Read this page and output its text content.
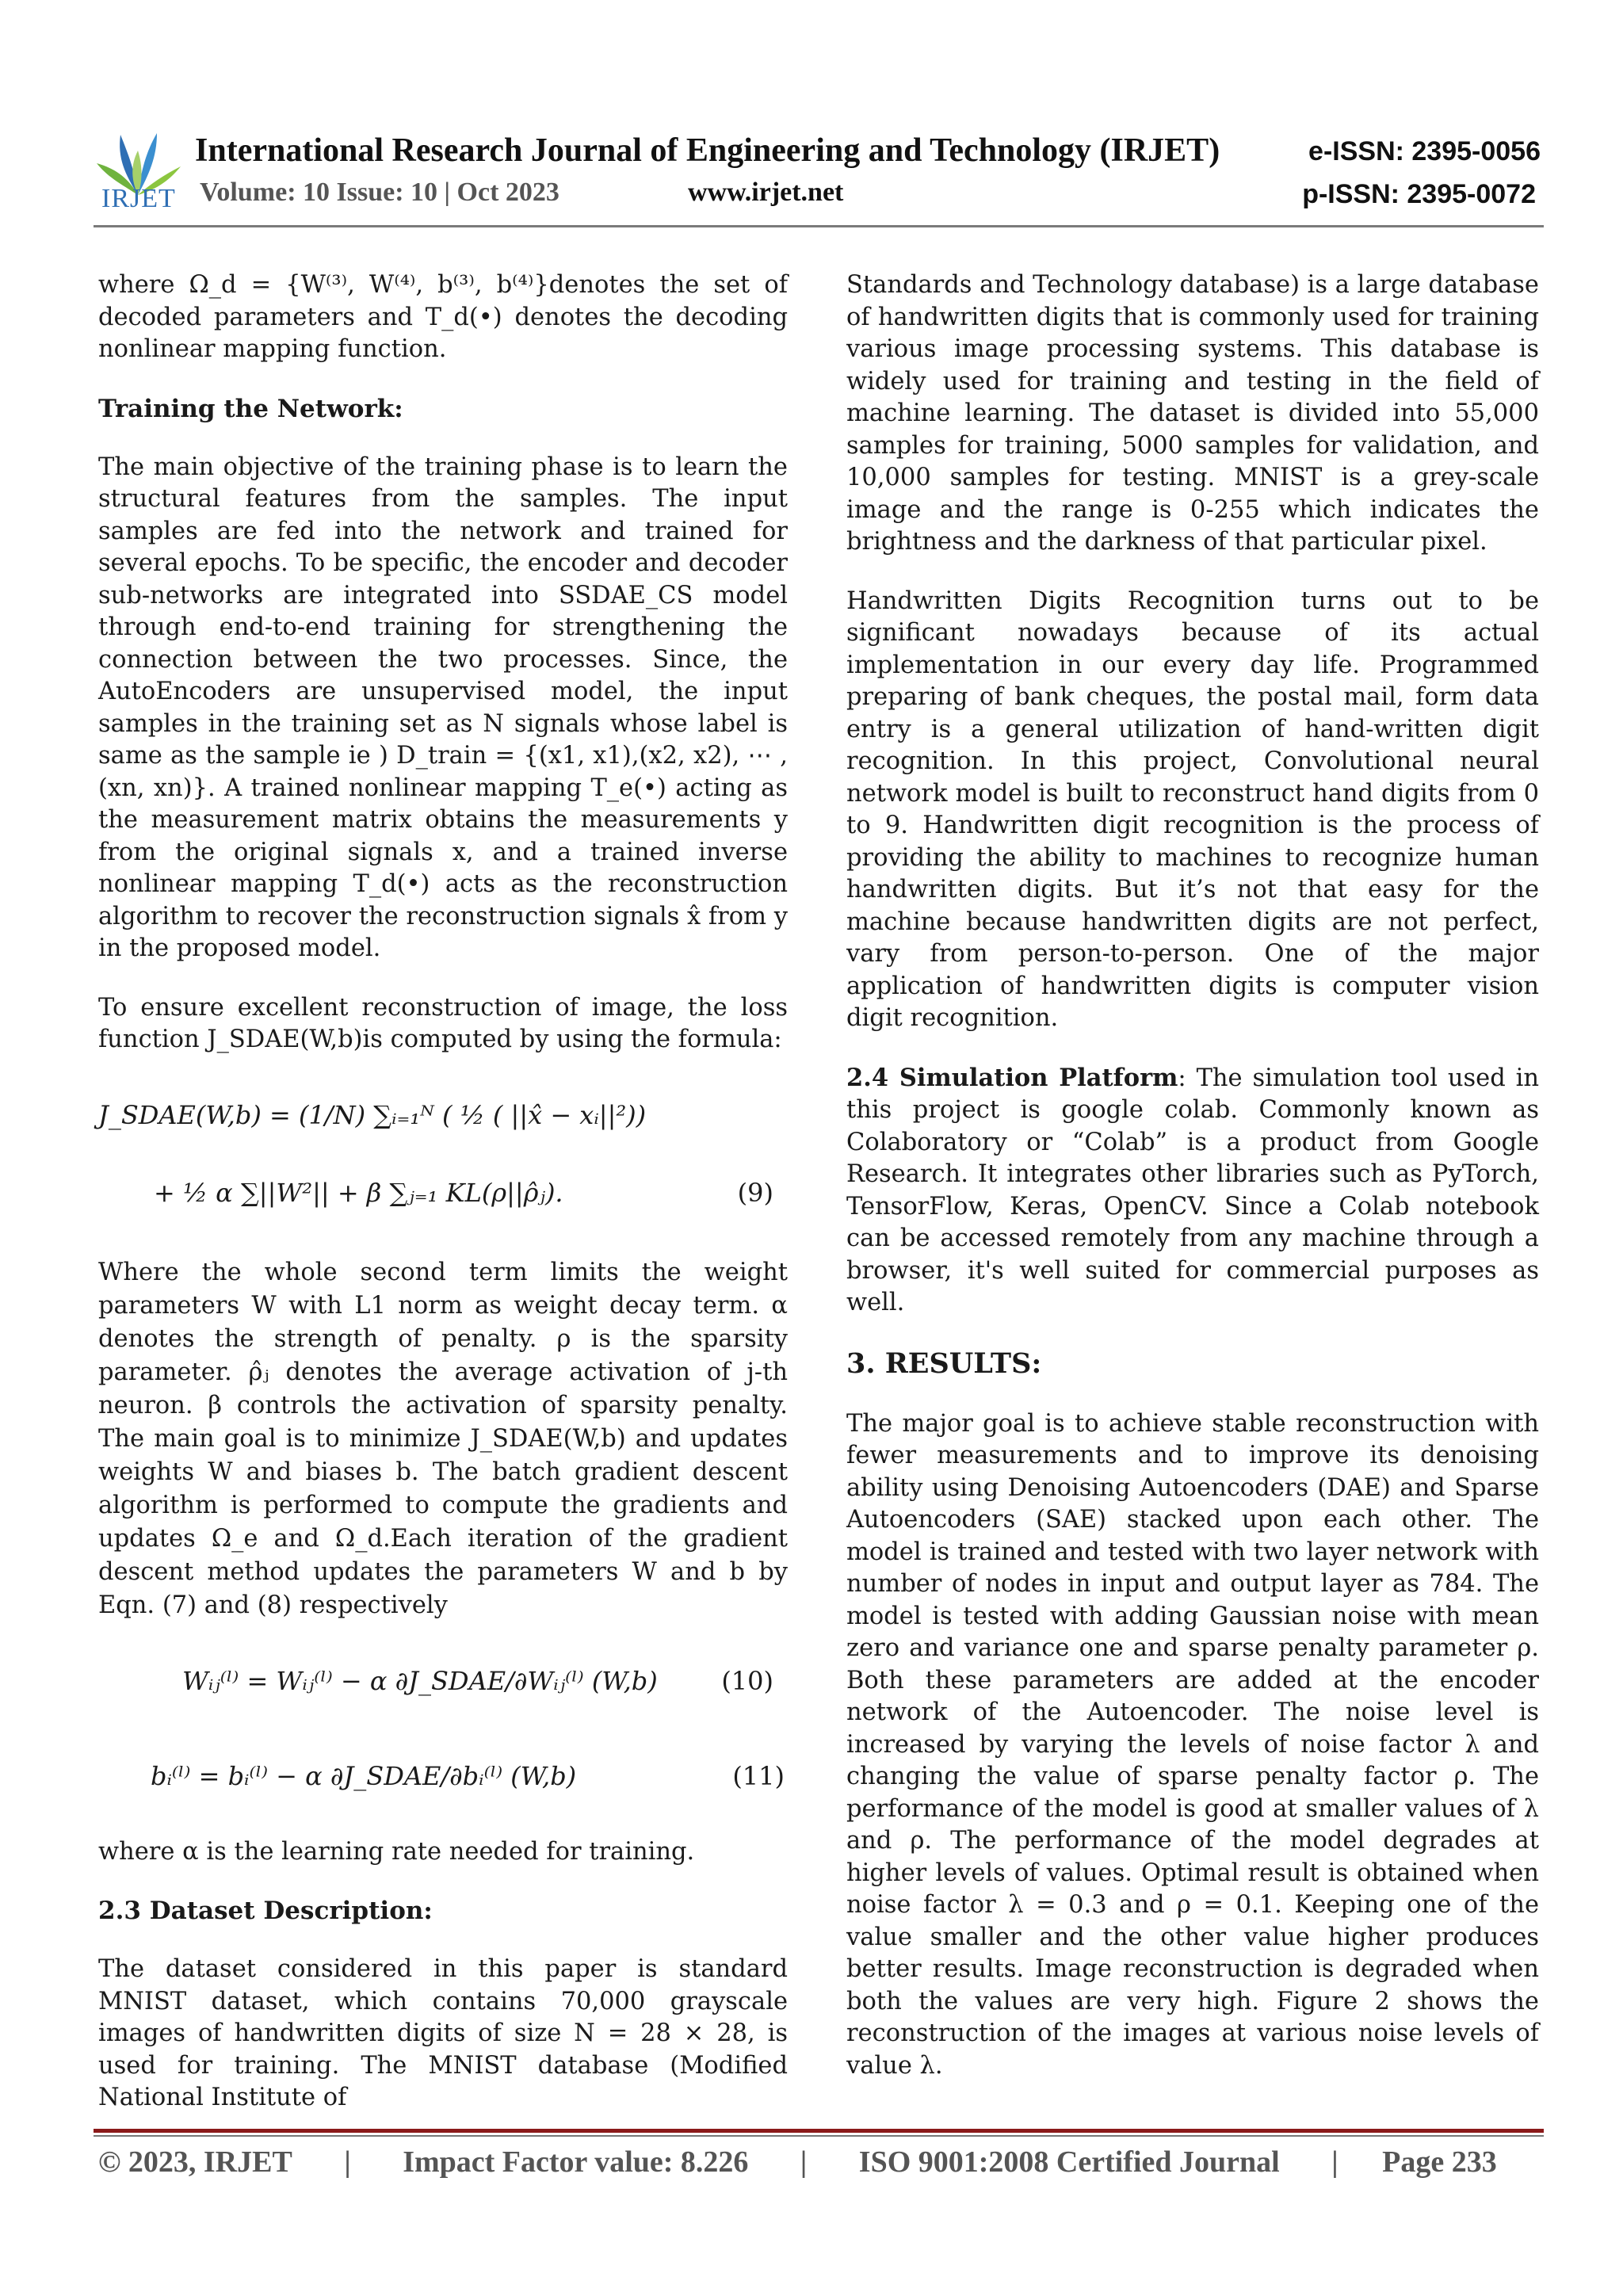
IRJET
International Research Journal of Engineering and Technology (IRJET)
Volume: 10 Issue: 10 | Oct 2023	www.irjet.net
e-ISSN: 2395-0056
p-ISSN: 2395-0072

where Ω_d = {W⁽³⁾, W⁽⁴⁾, b⁽³⁾, b⁽⁴⁾}denotes the set of decoded parameters and T_d(•) denotes the decoding nonlinear mapping function.

Training the Network:

The main objective of the training phase is to learn the structural features from the samples. The input samples are fed into the network and trained for several epochs. To be specific, the encoder and decoder sub-networks are integrated into SSDAE_CS model through end-to-end training for strengthening the connection between the two processes. Since, the AutoEncoders are unsupervised model, the input samples in the training set as N signals whose label is same as the sample ie ) D_train = {(x1, x1),(x2, x2), ⋯ ,(xn, xn)}. A trained nonlinear mapping T_e(•) acting as the measurement matrix obtains the measurements y from the original signals x, and a trained inverse nonlinear mapping T_d(•) acts as the reconstruction algorithm to recover the reconstruction signals x̂ from y in the proposed model.

To ensure excellent reconstruction of image, the loss function J_SDAE(W,b)is computed by using the formula:

J_SDAE(W,b) = (1/N) ∑ᵢ₌₁ᴺ ( ½ ( ||x̂ − xᵢ||²))
+ ½ α ∑||W²|| + β ∑ⱼ₌₁ KL(ρ||ρ̂ⱼ).	(9)

Where the whole second term limits the weight parameters W with L1 norm as weight decay term. α denotes the strength of penalty. ρ is the sparsity parameter. ρ̂ⱼ denotes the average activation of j-th neuron. β controls the activation of sparsity penalty. The main goal is to minimize J_SDAE(W,b) and updates weights W and biases b. The batch gradient descent algorithm is performed to compute the gradients and updates Ω_e and Ω_d.Each iteration of the gradient descent method updates the parameters W and b by Eqn. (7) and (8) respectively

Wᵢⱼ⁽ˡ⁾ = Wᵢⱼ⁽ˡ⁾ − α ∂J_SDAE/∂Wᵢⱼ⁽ˡ⁾ (W,b)	(10)
bᵢ⁽ˡ⁾ = bᵢ⁽ˡ⁾ − α ∂J_SDAE/∂bᵢ⁽ˡ⁾ (W,b)	(11)

where α is the learning rate needed for training.

2.3 Dataset Description:

The dataset considered in this paper is standard MNIST dataset, which contains 70,000 grayscale images of handwritten digits of size N = 28 × 28, is used for training. The MNIST database (Modified National Institute of

Standards and Technology database) is a large database of handwritten digits that is commonly used for training various image processing systems. This database is widely used for training and testing in the field of machine learning. The dataset is divided into 55,000 samples for training, 5000 samples for validation, and 10,000 samples for testing. MNIST is a grey-scale image and the range is 0-255 which indicates the brightness and the darkness of that particular pixel.

Handwritten Digits Recognition turns out to be significant nowadays because of its actual implementation in our every day life. Programmed preparing of bank cheques, the postal mail, form data entry is a general utilization of hand-written digit recognition. In this project, Convolutional neural network model is built to reconstruct hand digits from 0 to 9. Handwritten digit recognition is the process of providing the ability to machines to recognize human handwritten digits. But it’s not that easy for the machine because handwritten digits are not perfect, vary from person-to-person. One of the major application of handwritten digits is computer vision digit recognition.

2.4 Simulation Platform: The simulation tool used in this project is google colab. Commonly known as Colaboratory or “Colab” is a product from Google Research. It integrates other libraries such as PyTorch, TensorFlow, Keras, OpenCV. Since a Colab notebook can be accessed remotely from any machine through a browser, it's well suited for commercial purposes as well.

3. RESULTS:

The major goal is to achieve stable reconstruction with fewer measurements and to improve its denoising ability using Denoising Autoencoders (DAE) and Sparse Autoencoders (SAE) stacked upon each other. The model is trained and tested with two layer network with number of nodes in input and output layer as 784. The model is tested with adding Gaussian noise with mean zero and variance one and sparse penalty parameter ρ. Both these parameters are added at the encoder network of the Autoencoder. The noise level is increased by varying the levels of noise factor λ and changing the value of sparse penalty factor ρ. The performance of the model is good at smaller values of λ and ρ. The performance of the model degrades at higher levels of values. Optimal result is obtained when noise factor λ = 0.3 and ρ = 0.1. Keeping one of the value smaller and the other value higher produces better results. Image reconstruction is degraded when both the values are very high. Figure 2 shows the reconstruction of the images at various noise levels of value λ.

© 2023, IRJET | Impact Factor value: 8.226 | ISO 9001:2008 Certified Journal | Page 233
